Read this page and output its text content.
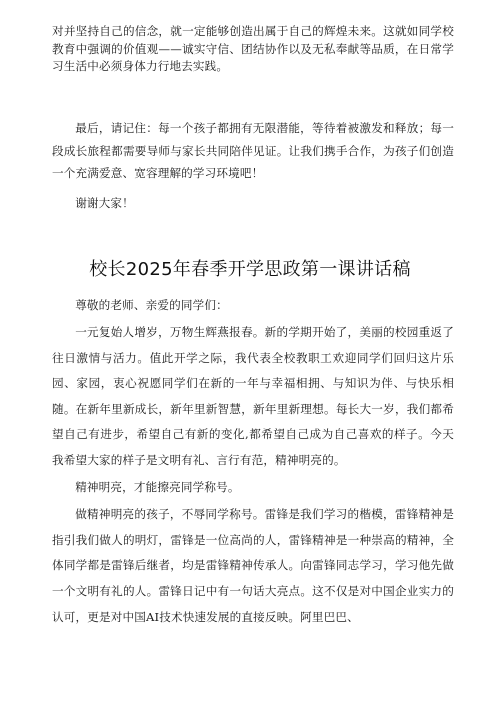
对并坚持自己的信念，就一定能够创造出属于自己的辉煌未来。这就如同学校教育中强调的价值观——诚实守信、团结协作以及无私奉献等品质，在日常学习生活中必须身体力行地去实践。

最后，请记住：每一个孩子都拥有无限潜能，等待着被激发和释放；每一段成长旅程都需要导师与家长共同陪伴见证。让我们携手合作，为孩子们创造一个充满爱意、宽容理解的学习环境吧！

谢谢大家！

校长2025年春季开学思政第一课讲话稿

尊敬的老师、亲爱的同学们：

一元复始人增岁，万物生辉燕报春。新的学期开始了，美丽的校园重返了往日激情与活力。值此开学之际，我代表全校教职工欢迎同学们回归这片乐园、家园，衷心祝愿同学们在新的一年与幸福相拥、与知识为伴、与快乐相随。在新年里新成长，新年里新智慧，新年里新理想。每长大一岁，我们都希望自己有进步，希望自己有新的变化,都希望自己成为自己喜欢的样子。今天我希望大家的样子是文明有礼、言行有范，精神明亮的。

精神明亮，才能擦亮同学称号。

做精神明亮的孩子，不辱同学称号。雷锋是我们学习的楷模，雷锋精神是指引我们做人的明灯，雷锋是一位高尚的人，雷锋精神是一种崇高的精神，全体同学都是雷锋后继者，均是雷锋精神传承人。向雷锋同志学习，学习他先做一个文明有礼的人。雷锋日记中有一句话大亮点。这不仅是对中国企业实力的认可，更是对中国AI技术快速发展的直接反映。阿里巴巴、
